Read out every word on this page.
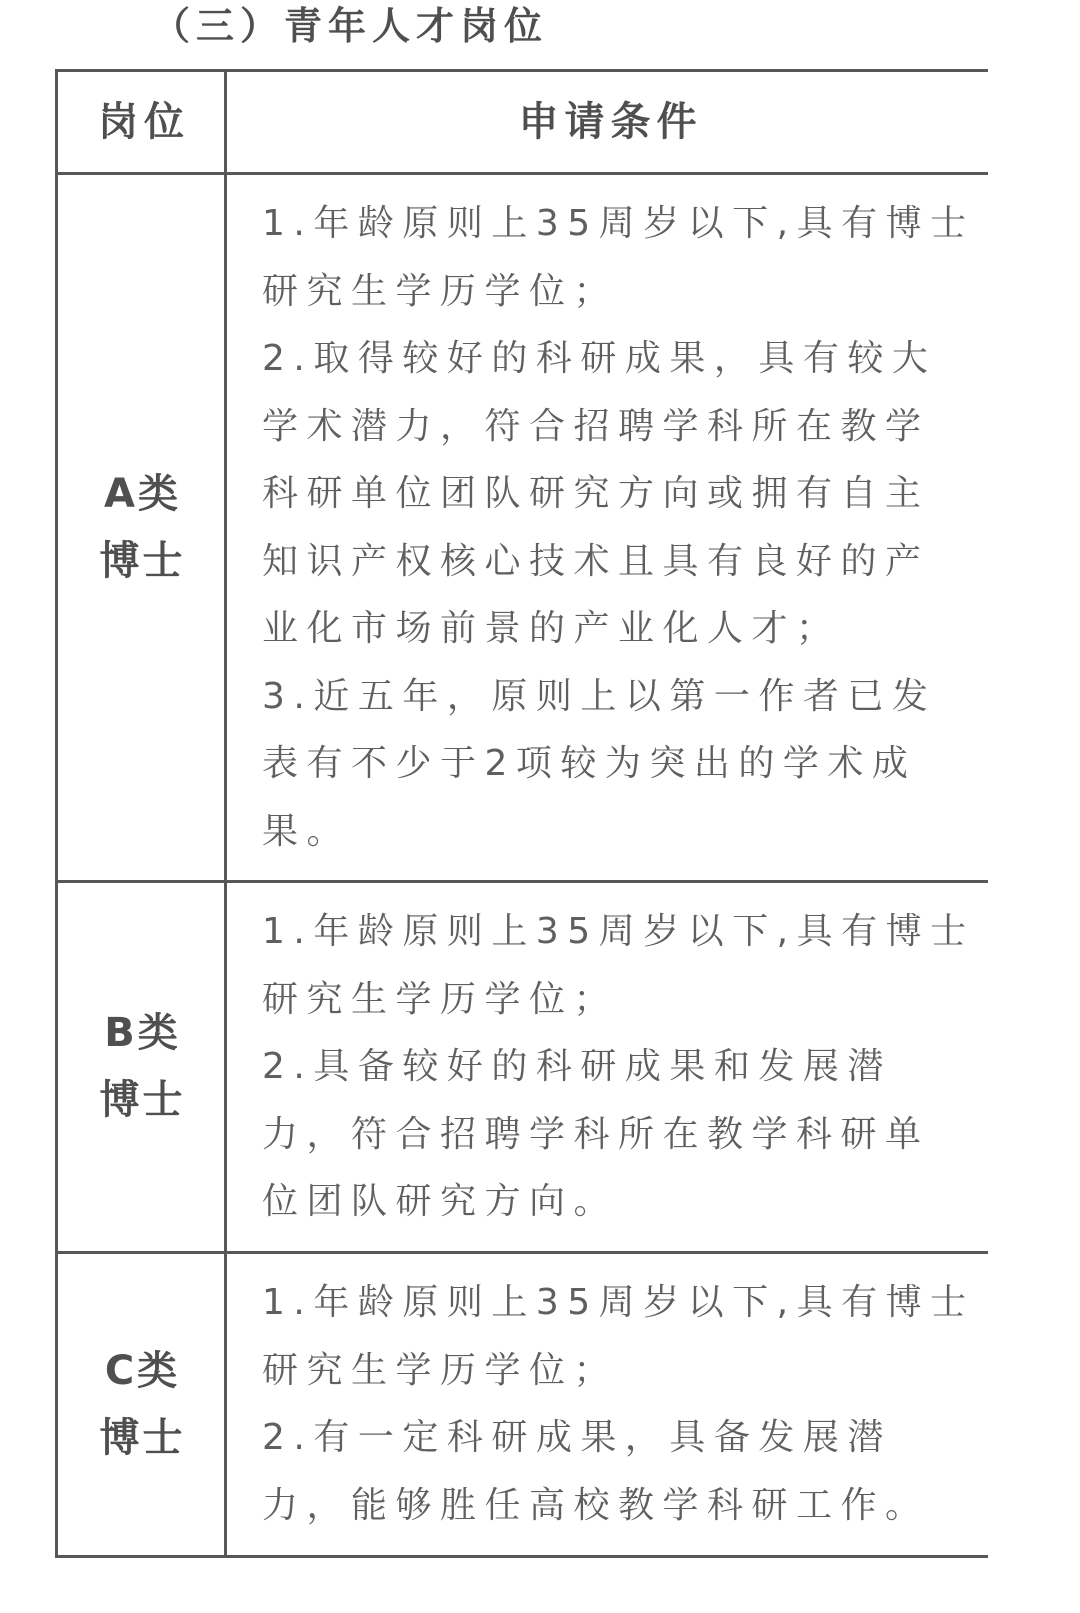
（三）青年人才岗位
岗位	申请条件
A类
博士
1.年龄原则上35周岁以下,具有博士
研究生学历学位；
2.取得较好的科研成果，具有较大
学术潜力，符合招聘学科所在教学
科研单位团队研究方向或拥有自主
知识产权核心技术且具有良好的产
业化市场前景的产业化人才；
3.近五年，原则上以第一作者已发
表有不少于2项较为突出的学术成
果。
B类
博士
1.年龄原则上35周岁以下,具有博士
研究生学历学位；
2.具备较好的科研成果和发展潜
力，符合招聘学科所在教学科研单
位团队研究方向。
C类
博士
1.年龄原则上35周岁以下,具有博士
研究生学历学位；
2.有一定科研成果，具备发展潜
力，能够胜任高校教学科研工作。
